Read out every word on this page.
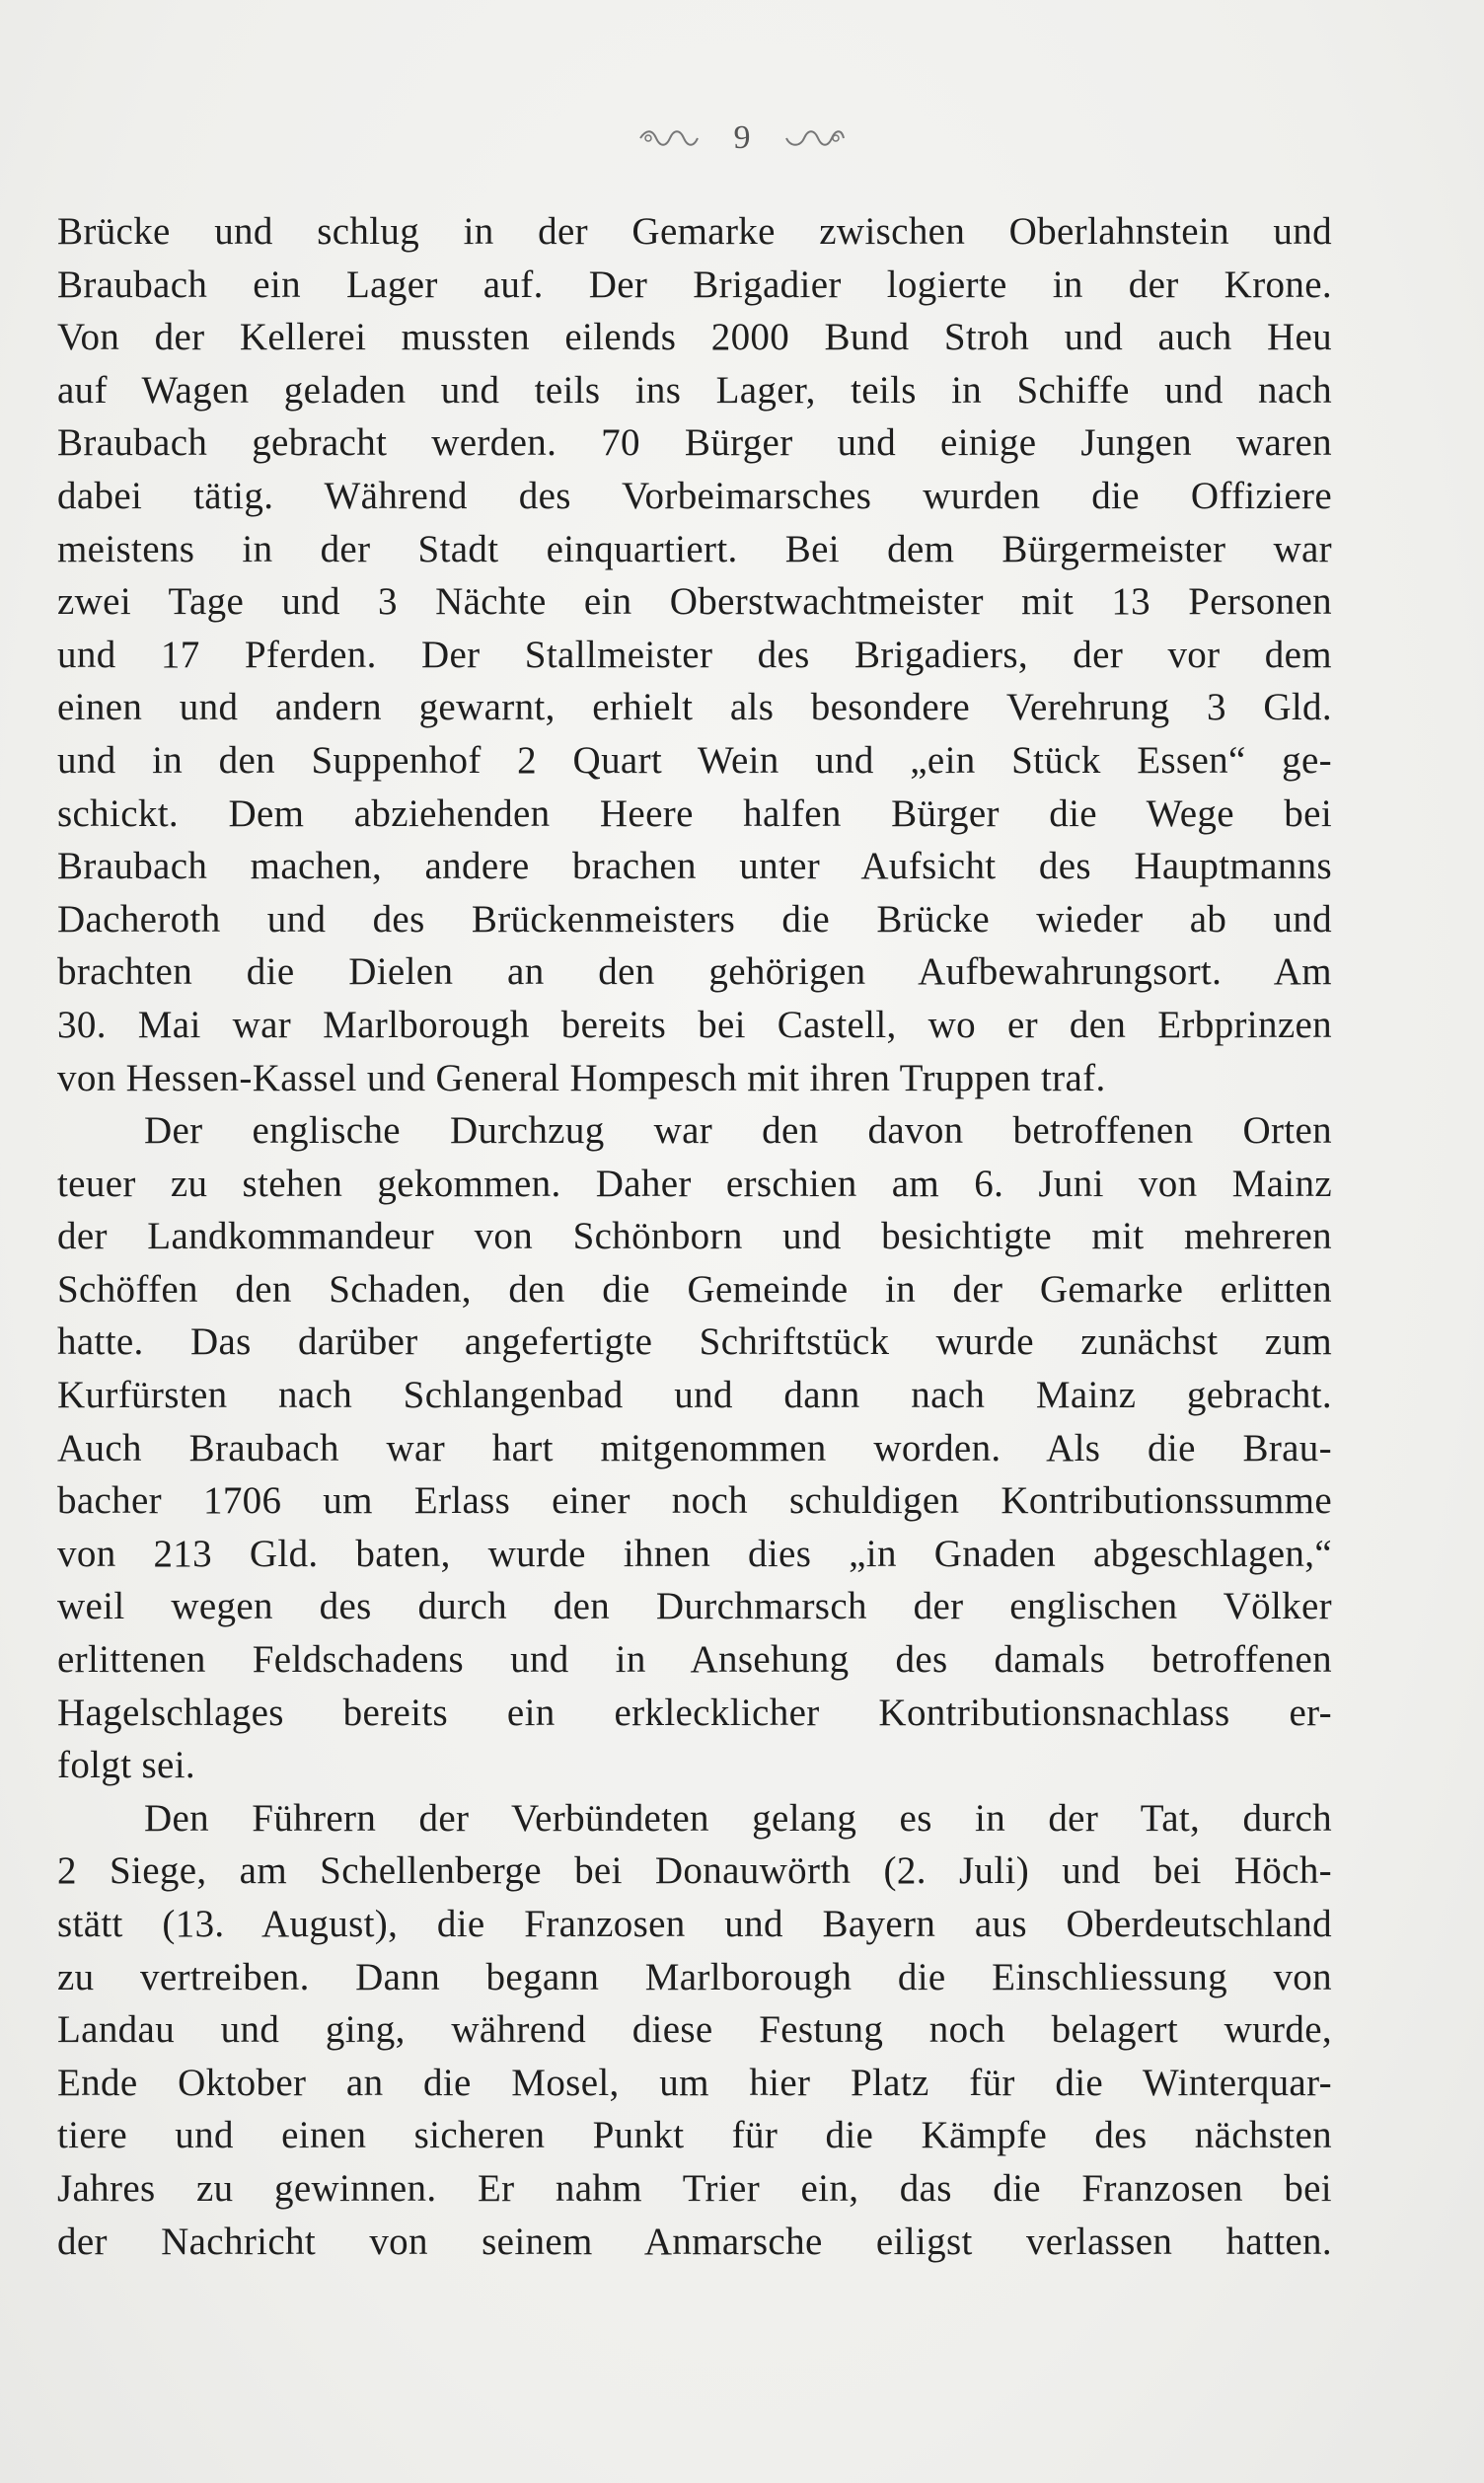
9
Brücke und schlug in der Gemarke zwischen Oberlahnstein und
Braubach ein Lager auf. Der Brigadier logierte in der Krone.
Von der Kellerei mussten eilends 2000 Bund Stroh und auch Heu
auf Wagen geladen und teils ins Lager, teils in Schiffe und nach
Braubach gebracht werden. 70 Bürger und einige Jungen waren
dabei tätig. Während des Vorbeimarsches wurden die Offiziere
meistens in der Stadt einquartiert. Bei dem Bürgermeister war
zwei Tage und 3 Nächte ein Oberstwachtmeister mit 13 Personen
und 17 Pferden. Der Stallmeister des Brigadiers, der vor dem
einen und andern gewarnt, erhielt als besondere Verehrung 3 Gld.
und in den Suppenhof 2 Quart Wein und „ein Stück Essen“ ge-
schickt. Dem abziehenden Heere halfen Bürger die Wege bei
Braubach machen, andere brachen unter Aufsicht des Hauptmanns
Dacheroth und des Brückenmeisters die Brücke wieder ab und
brachten die Dielen an den gehörigen Aufbewahrungsort. Am
30. Mai war Marlborough bereits bei Castell, wo er den Erbprinzen
von Hessen-Kassel und General Hompesch mit ihren Truppen traf.
Der englische Durchzug war den davon betroffenen Orten
teuer zu stehen gekommen. Daher erschien am 6. Juni von Mainz
der Landkommandeur von Schönborn und besichtigte mit mehreren
Schöffen den Schaden, den die Gemeinde in der Gemarke erlitten
hatte. Das darüber angefertigte Schriftstück wurde zunächst zum
Kurfürsten nach Schlangenbad und dann nach Mainz gebracht.
Auch Braubach war hart mitgenommen worden. Als die Brau-
bacher 1706 um Erlass einer noch schuldigen Kontributionssumme
von 213 Gld. baten, wurde ihnen dies „in Gnaden abgeschlagen,“
weil wegen des durch den Durchmarsch der englischen Völker
erlittenen Feldschadens und in Ansehung des damals betroffenen
Hagelschlages bereits ein erklecklicher Kontributionsnachlass er-
folgt sei.
Den Führern der Verbündeten gelang es in der Tat, durch
2 Siege, am Schellenberge bei Donauwörth (2. Juli) und bei Höch-
stätt (13. August), die Franzosen und Bayern aus Oberdeutschland
zu vertreiben. Dann begann Marlborough die Einschliessung von
Landau und ging, während diese Festung noch belagert wurde,
Ende Oktober an die Mosel, um hier Platz für die Winterquar-
tiere und einen sicheren Punkt für die Kämpfe des nächsten
Jahres zu gewinnen. Er nahm Trier ein, das die Franzosen bei
der Nachricht von seinem Anmarsche eiligst verlassen hatten.
